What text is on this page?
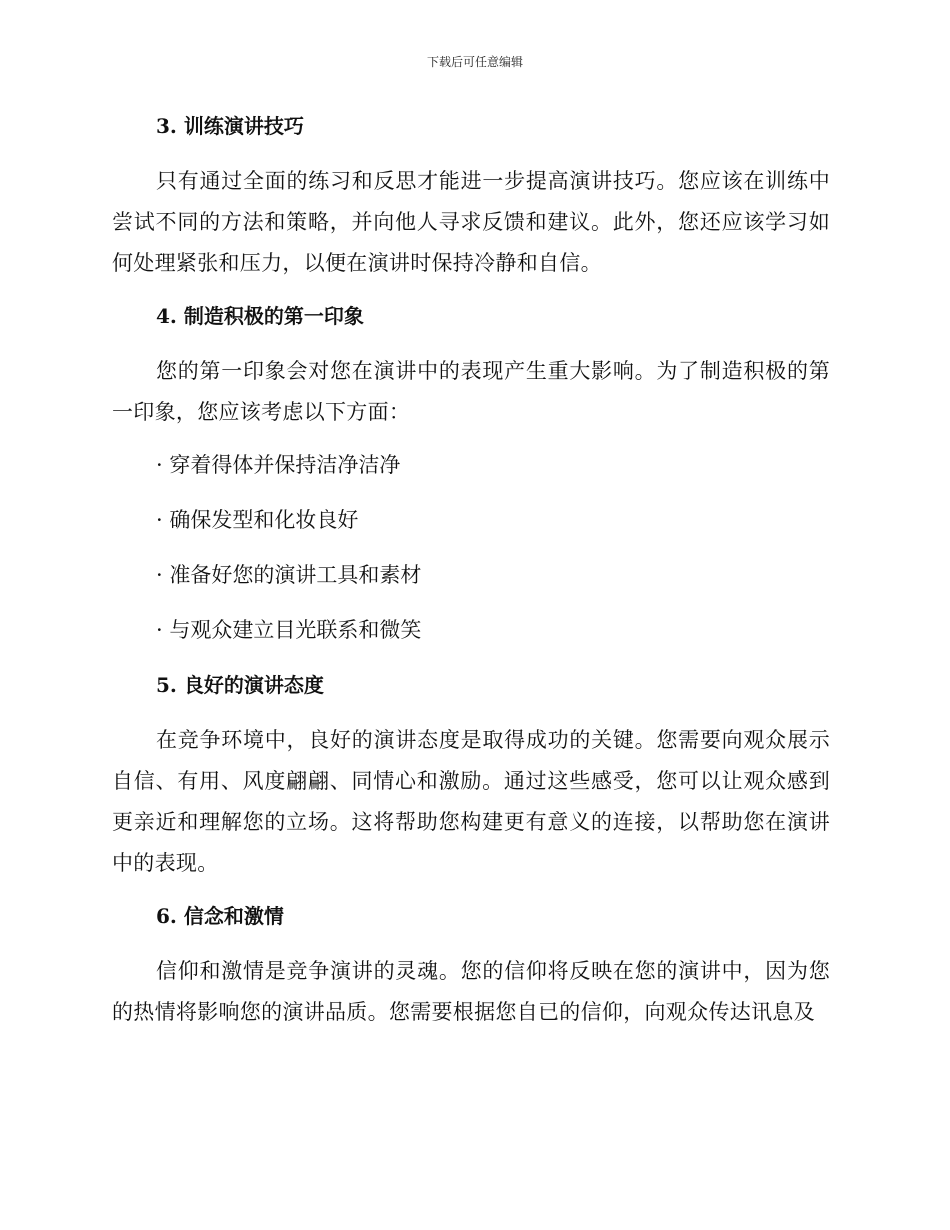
下载后可任意编辑
3. 训练演讲技巧

只有通过全面的练习和反思才能进一步提高演讲技巧。您应该在训练中尝试不同的方法和策略，并向他人寻求反馈和建议。此外，您还应该学习如何处理紧张和压力，以便在演讲时保持冷静和自信。

4. 制造积极的第一印象

您的第一印象会对您在演讲中的表现产生重大影响。为了制造积极的第一印象，您应该考虑以下方面：

· 穿着得体并保持洁净洁净
· 确保发型和化妆良好
· 准备好您的演讲工具和素材
· 与观众建立目光联系和微笑
5. 良好的演讲态度

在竞争环境中，良好的演讲态度是取得成功的关键。您需要向观众展示自信、有用、风度翩翩、同情心和激励。通过这些感受，您可以让观众感到更亲近和理解您的立场。这将帮助您构建更有意义的连接，以帮助您在演讲中的表现。

6. 信念和激情

信仰和激情是竞争演讲的灵魂。您的信仰将反映在您的演讲中，因为您的热情将影响您的演讲品质。您需要根据您自已的信仰，向观众传达讯息及
